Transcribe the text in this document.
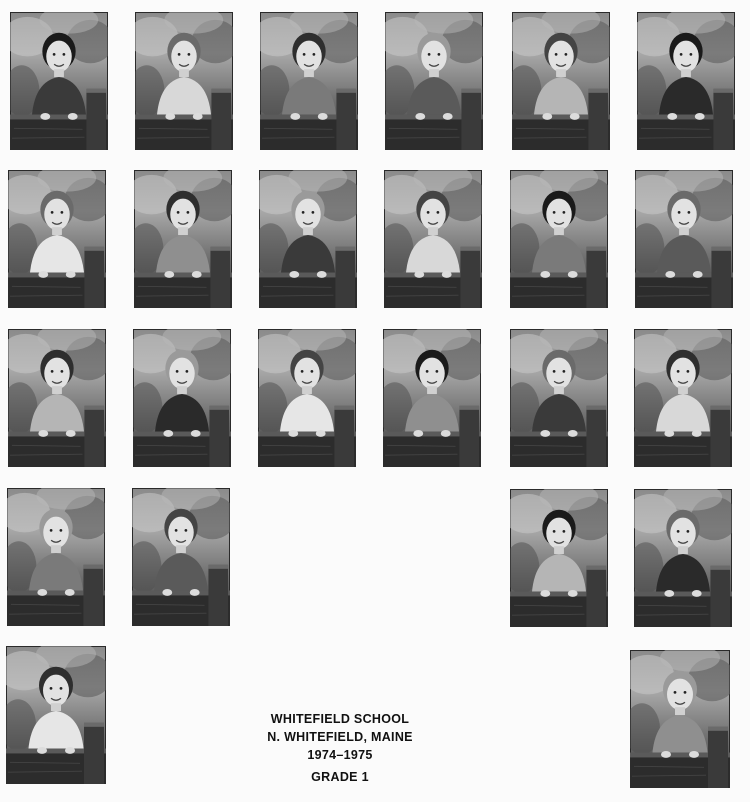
WHITEFIELD SCHOOL
N. WHITEFIELD, MAINE
1974–1975
GRADE 1
